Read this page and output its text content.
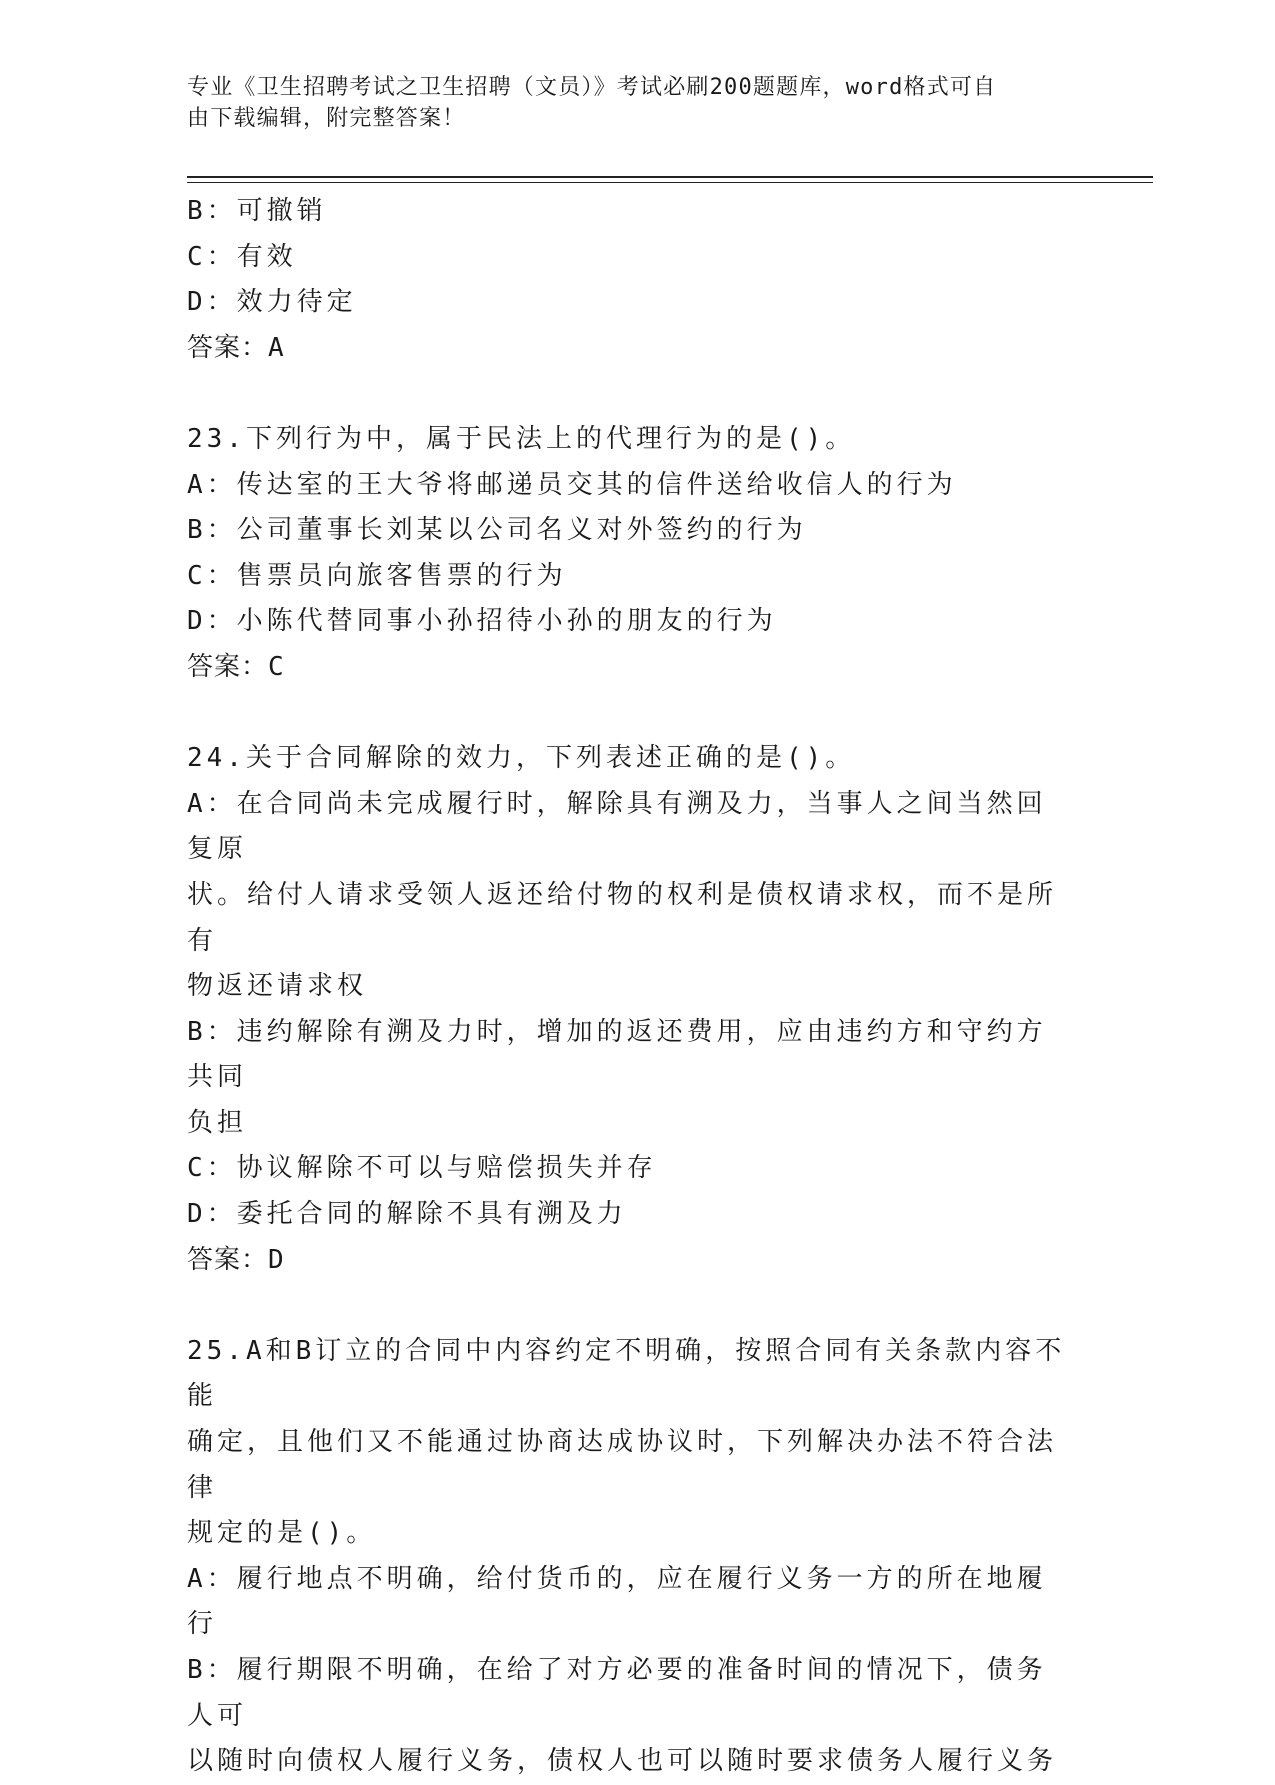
专业《卫生招聘考试之卫生招聘（文员）》考试必刷200题题库，word格式可自
由下载编辑，附完整答案！
B：可撤销
C：有效
D：效力待定
答案：A
23.下列行为中，属于民法上的代理行为的是()。
A：传达室的王大爷将邮递员交其的信件送给收信人的行为
B：公司董事长刘某以公司名义对外签约的行为
C：售票员向旅客售票的行为
D：小陈代替同事小孙招待小孙的朋友的行为
答案：C
24.关于合同解除的效力，下列表述正确的是()。
A：在合同尚未完成履行时，解除具有溯及力，当事人之间当然回复原
状。给付人请求受领人返还给付物的权利是债权请求权，而不是所有
物返还请求权
B：违约解除有溯及力时，增加的返还费用，应由违约方和守约方共同
负担
C：协议解除不可以与赔偿损失并存
D：委托合同的解除不具有溯及力
答案：D
25.A和B订立的合同中内容约定不明确，按照合同有关条款内容不能
确定，且他们又不能通过协商达成协议时，下列解决办法不符合法律
规定的是()。
A：履行地点不明确，给付货币的，应在履行义务一方的所在地履行
B：履行期限不明确，在给了对方必要的准备时间的情况下，债务人可
以随时向债权人履行义务，债权人也可以随时要求债务人履行义务
